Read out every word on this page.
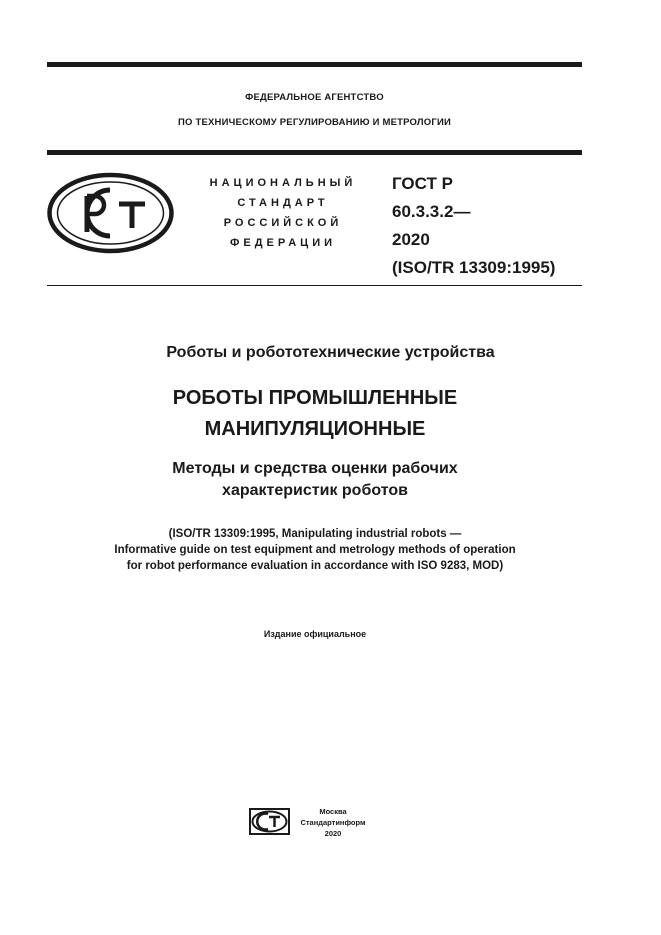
ФЕДЕРАЛЬНОЕ АГЕНТСТВО
ПО ТЕХНИЧЕСКОМУ РЕГУЛИРОВАНИЮ И МЕТРОЛОГИИ
НАЦИОНАЛЬНЫЙ
СТАНДАРТ
РОССИЙСКОЙ
ФЕДЕРАЦИИ
ГОСТ Р
60.3.3.2—
2020
(ISO/TR 13309:1995)
Роботы и робототехнические устройства
РОБОТЫ ПРОМЫШЛЕННЫЕ
МАНИПУЛЯЦИОННЫЕ
Методы и средства оценки рабочих
характеристик роботов
(ISO/TR 13309:1995, Manipulating industrial robots —
Informative guide on test equipment and metrology methods of operation
for robot performance evaluation in accordance with ISO 9283, MOD)
Издание официальное
Москва
Стандартинформ
2020
